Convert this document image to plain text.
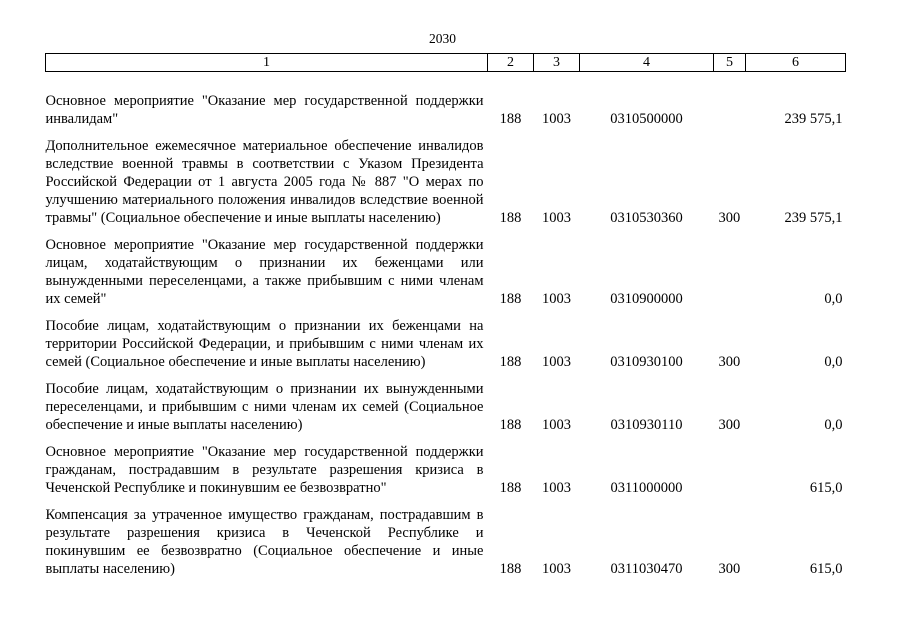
2030
1	2	3	4	5	6

Основное мероприятие "Оказание мер государственной поддержки инвалидам"	188	1003	0310500000		239 575,1
Дополнительное ежемесячное материальное обеспечение инвалидов вследствие военной травмы в соответствии с Указом Президента Российской Федерации от 1 августа 2005 года № 887 "О мерах по улучшению материального положения инвалидов вследствие военной травмы" (Социальное обеспечение и иные выплаты населению)	188	1003	0310530360	300	239 575,1
Основное мероприятие "Оказание мер государственной поддержки лицам, ходатайствующим о признании их беженцами или вынужденными переселенцами, а также прибывшим с ними членам их семей"	188	1003	0310900000		0,0
Пособие лицам, ходатайствующим о признании их беженцами на территории Российской Федерации, и прибывшим с ними членам их семей (Социальное обеспечение и иные выплаты населению)	188	1003	0310930100	300	0,0
Пособие лицам, ходатайствующим о признании их вынужденными переселенцами, и прибывшим с ними членам их семей (Социальное обеспечение и иные выплаты населению)	188	1003	0310930110	300	0,0
Основное мероприятие "Оказание мер государственной поддержки гражданам, пострадавшим в результате разрешения кризиса в Чеченской Республике и покинувшим ее безвозвратно"	188	1003	0311000000		615,0
Компенсация за утраченное имущество гражданам, пострадавшим в результате разрешения кризиса в Чеченской Республике и покинувшим ее безвозвратно (Социальное обеспечение и иные выплаты населению)	188	1003	0311030470	300	615,0
